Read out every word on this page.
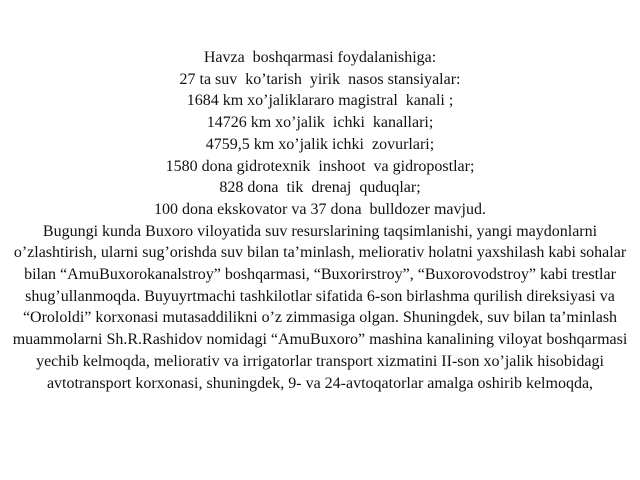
Havza  boshqarmasi foydalanishiga:
27 ta suv  ko’tarish  yirik  nasos stansiyalar:
1684 km xo’jaliklararo magistral  kanali ;
14726 km xo’jalik  ichki  kanallari;
4759,5 km xo’jalik ichki  zovurlari;
1580 dona gidrotexnik  inshoot  va gidropostlar;
828 dona  tik  drenaj  quduqlar;
100 dona ekskovator va 37 dona  bulldozer mavjud.
Bugungi kunda Buxoro viloyatida suv resurslarining taqsimlanishi, yangi maydonlarni o’zlashtirish, ularni sug’orishda suv bilan ta’minlash, meliorativ holatni yaxshilash kabi sohalar bilan “AmuBuxorokanalstroy” boshqarmasi, “Buxorirstroy”, “Buxorovodstroy” kabi trestlar shug’ullanmoqda. Buyuyrtmachi tashkilotlar sifatida 6-son birlashma qurilish direksiyasi va “Orololdi” korxonasi mutasaddilikni o’z zimmasiga olgan. Shuningdek, suv bilan ta’minlash muammolarni Sh.R.Rashidov nomidagi “AmuBuxoro” mashina kanalining viloyat boshqarmasi yechib kelmoqda, meliorativ va irrigatorlar transport xizmatini II-son xo’jalik hisobidagi avtotransport korxonasi, shuningdek, 9- va 24-avtoqatorlar amalga oshirib kelmoqda,
